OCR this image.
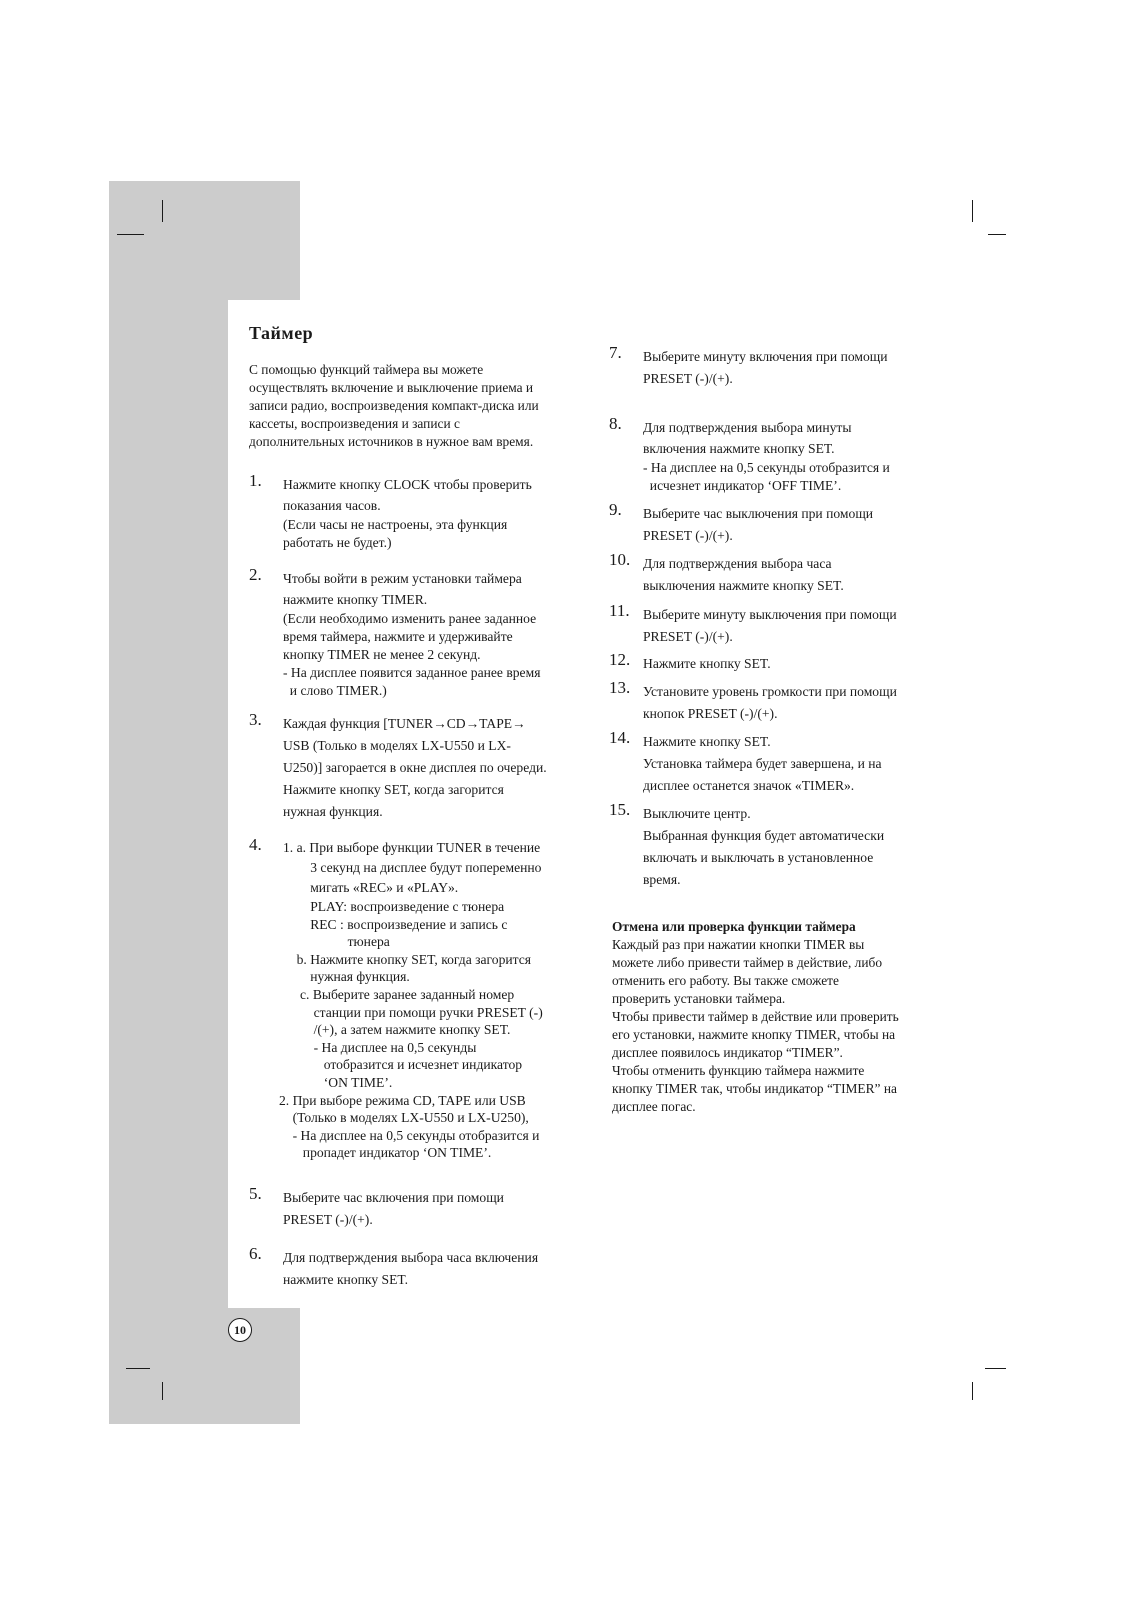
Таймер
С помощью функций таймера вы можете
осуществлять включение и выключение приема и
записи радио, воспроизведения компакт-диска или
кассеты, воспроизведения и записи с
дополнительных источников в нужное вам время.
1. Нажмите кнопку CLOCK чтобы проверить
показания часов.
(Если часы не настроены, эта функция
работать не будет.)
2. Чтобы войти в режим установки таймера
нажмите кнопку TIMER.
(Если необходимо изменить ранее заданное
время таймера, нажмите и удерживайте
кнопку TIMER не менее 2 секунд.
- На дисплее появится заданное ранее время
и слово TIMER.)
3. Каждая функция [TUNER→CD→TAPE→
USB (Только в моделях LX-U550 и LX-
U250)] загорается в окне дисплея по очереди.
Нажмите кнопку SET, когда загорится
нужная функция.
4. 1. a. При выборе функции TUNER в течение
3 секунд на дисплее будут попеременно
мигать «REC» и «PLAY».
PLAY: воспроизведение с тюнера
REC : воспроизведение и запись с
тюнера
b. Нажмите кнопку SET, когда загорится
нужная функция.
c. Выберите заранее заданный номер
станции при помощи ручки PRESET (-)
/(+), а затем нажмите кнопку SET.
- На дисплее на 0,5 секунды
отобразится и исчезнет индикатор
‘ON TIME’.
2. При выборе режима CD, TAPE или USB
(Только в моделях LX-U550 и LX-U250),
- На дисплее на 0,5 секунды отобразится и
пропадет индикатор ‘ON TIME’.
5. Выберите час включения при помощи
PRESET (-)/(+).
6. Для подтверждения выбора часа включения
нажмите кнопку SET.
7. Выберите минуту включения при помощи
PRESET (-)/(+).
8. Для подтверждения выбора минуты
включения нажмите кнопку SET.
- На дисплее на 0,5 секунды отобразится и
исчезнет индикатор ‘OFF TIME’.
9. Выберите час выключения при помощи
PRESET (-)/(+).
10. Для подтверждения выбора часа
выключения нажмите кнопку SET.
11. Выберите минуту выключения при помощи
PRESET (-)/(+).
12. Нажмите кнопку SET.
13. Установите уровень громкости при помощи
кнопок PRESET (-)/(+).
14. Нажмите кнопку SET.
Установка таймера будет завершена, и на
дисплее останется значок «TIMER».
15. Выключите центр.
Выбранная функция будет автоматически
включать и выключать в установленное
время.
Отмена или проверка функции таймера
Каждый раз при нажатии кнопки TIMER вы
можете либо привести таймер в действие, либо
отменить его работу. Вы также сможете
проверить установки таймера.
Чтобы привести таймер в действие или проверить
его установки, нажмите кнопку TIMER, чтобы на
дисплее появилось индикатор “TIMER”.
Чтобы отменить функцию таймера нажмите
кнопку TIMER так, чтобы индикатор “TIMER” на
дисплее погас.
10
